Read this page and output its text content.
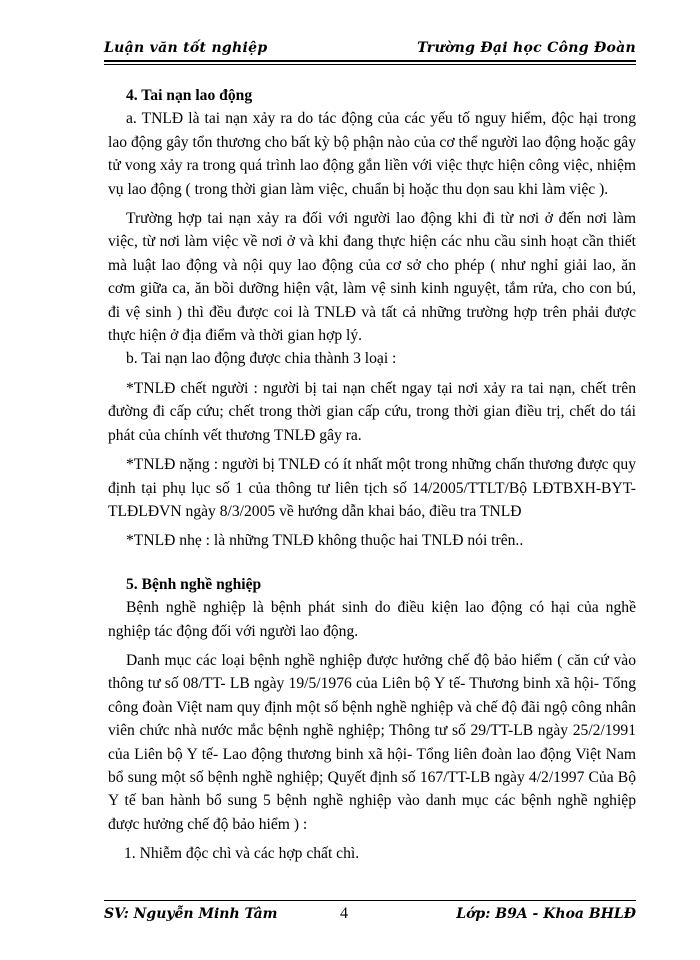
Luận văn tốt nghiệp	Trường Đại học Công Đoàn

4. Tai nạn lao động

a. TNLĐ là tai nạn xảy ra do tác động của các yếu tố nguy hiểm, độc hại trong lao động gây tổn thương cho bất kỳ bộ phận nào của cơ thể người lao động hoặc gây tử vong xảy ra trong quá trình lao động gắn liền với việc thực hiện công việc, nhiệm vụ lao động ( trong thời gian làm việc, chuẩn bị hoặc thu dọn sau khi làm việc ).

Trường hợp tai nạn xảy ra đối với người lao động khi đi từ nơi ở đến nơi làm việc, từ nơi làm việc về nơi ở và khi đang thực hiện các nhu cầu sinh hoạt cần thiết mà luật lao động và nội quy lao động của cơ sở cho phép ( như nghỉ giải lao, ăn cơm giữa ca, ăn bồi dưỡng hiện vật, làm vệ sinh kinh nguyệt, tắm rửa, cho con bú, đi vệ sinh ) thì đều được coi là TNLĐ và tất cả những trường hợp trên phải được thực hiện ở địa điểm và thời gian hợp lý.

b. Tai nạn lao động được chia thành 3 loại :

*TNLĐ chết người : người bị tai nạn chết ngay tại nơi xảy ra tai nạn, chết trên đường đi cấp cứu; chết trong thời gian cấp cứu, trong thời gian điều trị, chết do tái phát của chính vết thương TNLĐ gây ra.

*TNLĐ nặng : người bị TNLĐ có ít nhất một trong những chấn thương được quy định tại phụ lục số 1 của thông tư liên tịch số 14/2005/TTLT/Bộ LĐTBXH-BYT- TLĐLĐVN ngày 8/3/2005 về hướng dẫn khai báo, điều tra TNLĐ

*TNLĐ nhẹ : là những TNLĐ không thuộc hai TNLĐ nói trên..

5. Bệnh nghề nghiệp

Bệnh nghề nghiệp là bệnh phát sinh do điều kiện lao động có hại của nghề nghiệp tác động đối với người lao động.

Danh mục các loại bệnh nghề nghiệp được hưởng chế độ bảo hiểm ( căn cứ vào thông tư số 08/TT- LB ngày 19/5/1976 của Liên bộ Y tế- Thương binh xã hội- Tổng công đoàn Việt nam quy định một số bệnh nghề nghiệp và chế độ đãi ngộ công nhân viên chức nhà nước mắc bệnh nghề nghiệp; Thông tư số 29/TT-LB ngày 25/2/1991 của Liên bộ Y tế- Lao động thương binh xã hội- Tổng liên đoàn lao động Việt Nam bổ sung một số bệnh nghề nghiệp; Quyết định số 167/TT-LB ngày 4/2/1997 Của Bộ Y tế ban hành bổ sung 5 bệnh nghề nghiệp vào danh mục các bệnh nghề nghiệp được hưởng chế độ bảo hiểm ) :

1. Nhiễm độc chì và các hợp chất chì.

SV: Nguyễn Minh Tâm	4	Lớp: B9A - Khoa BHLĐ
